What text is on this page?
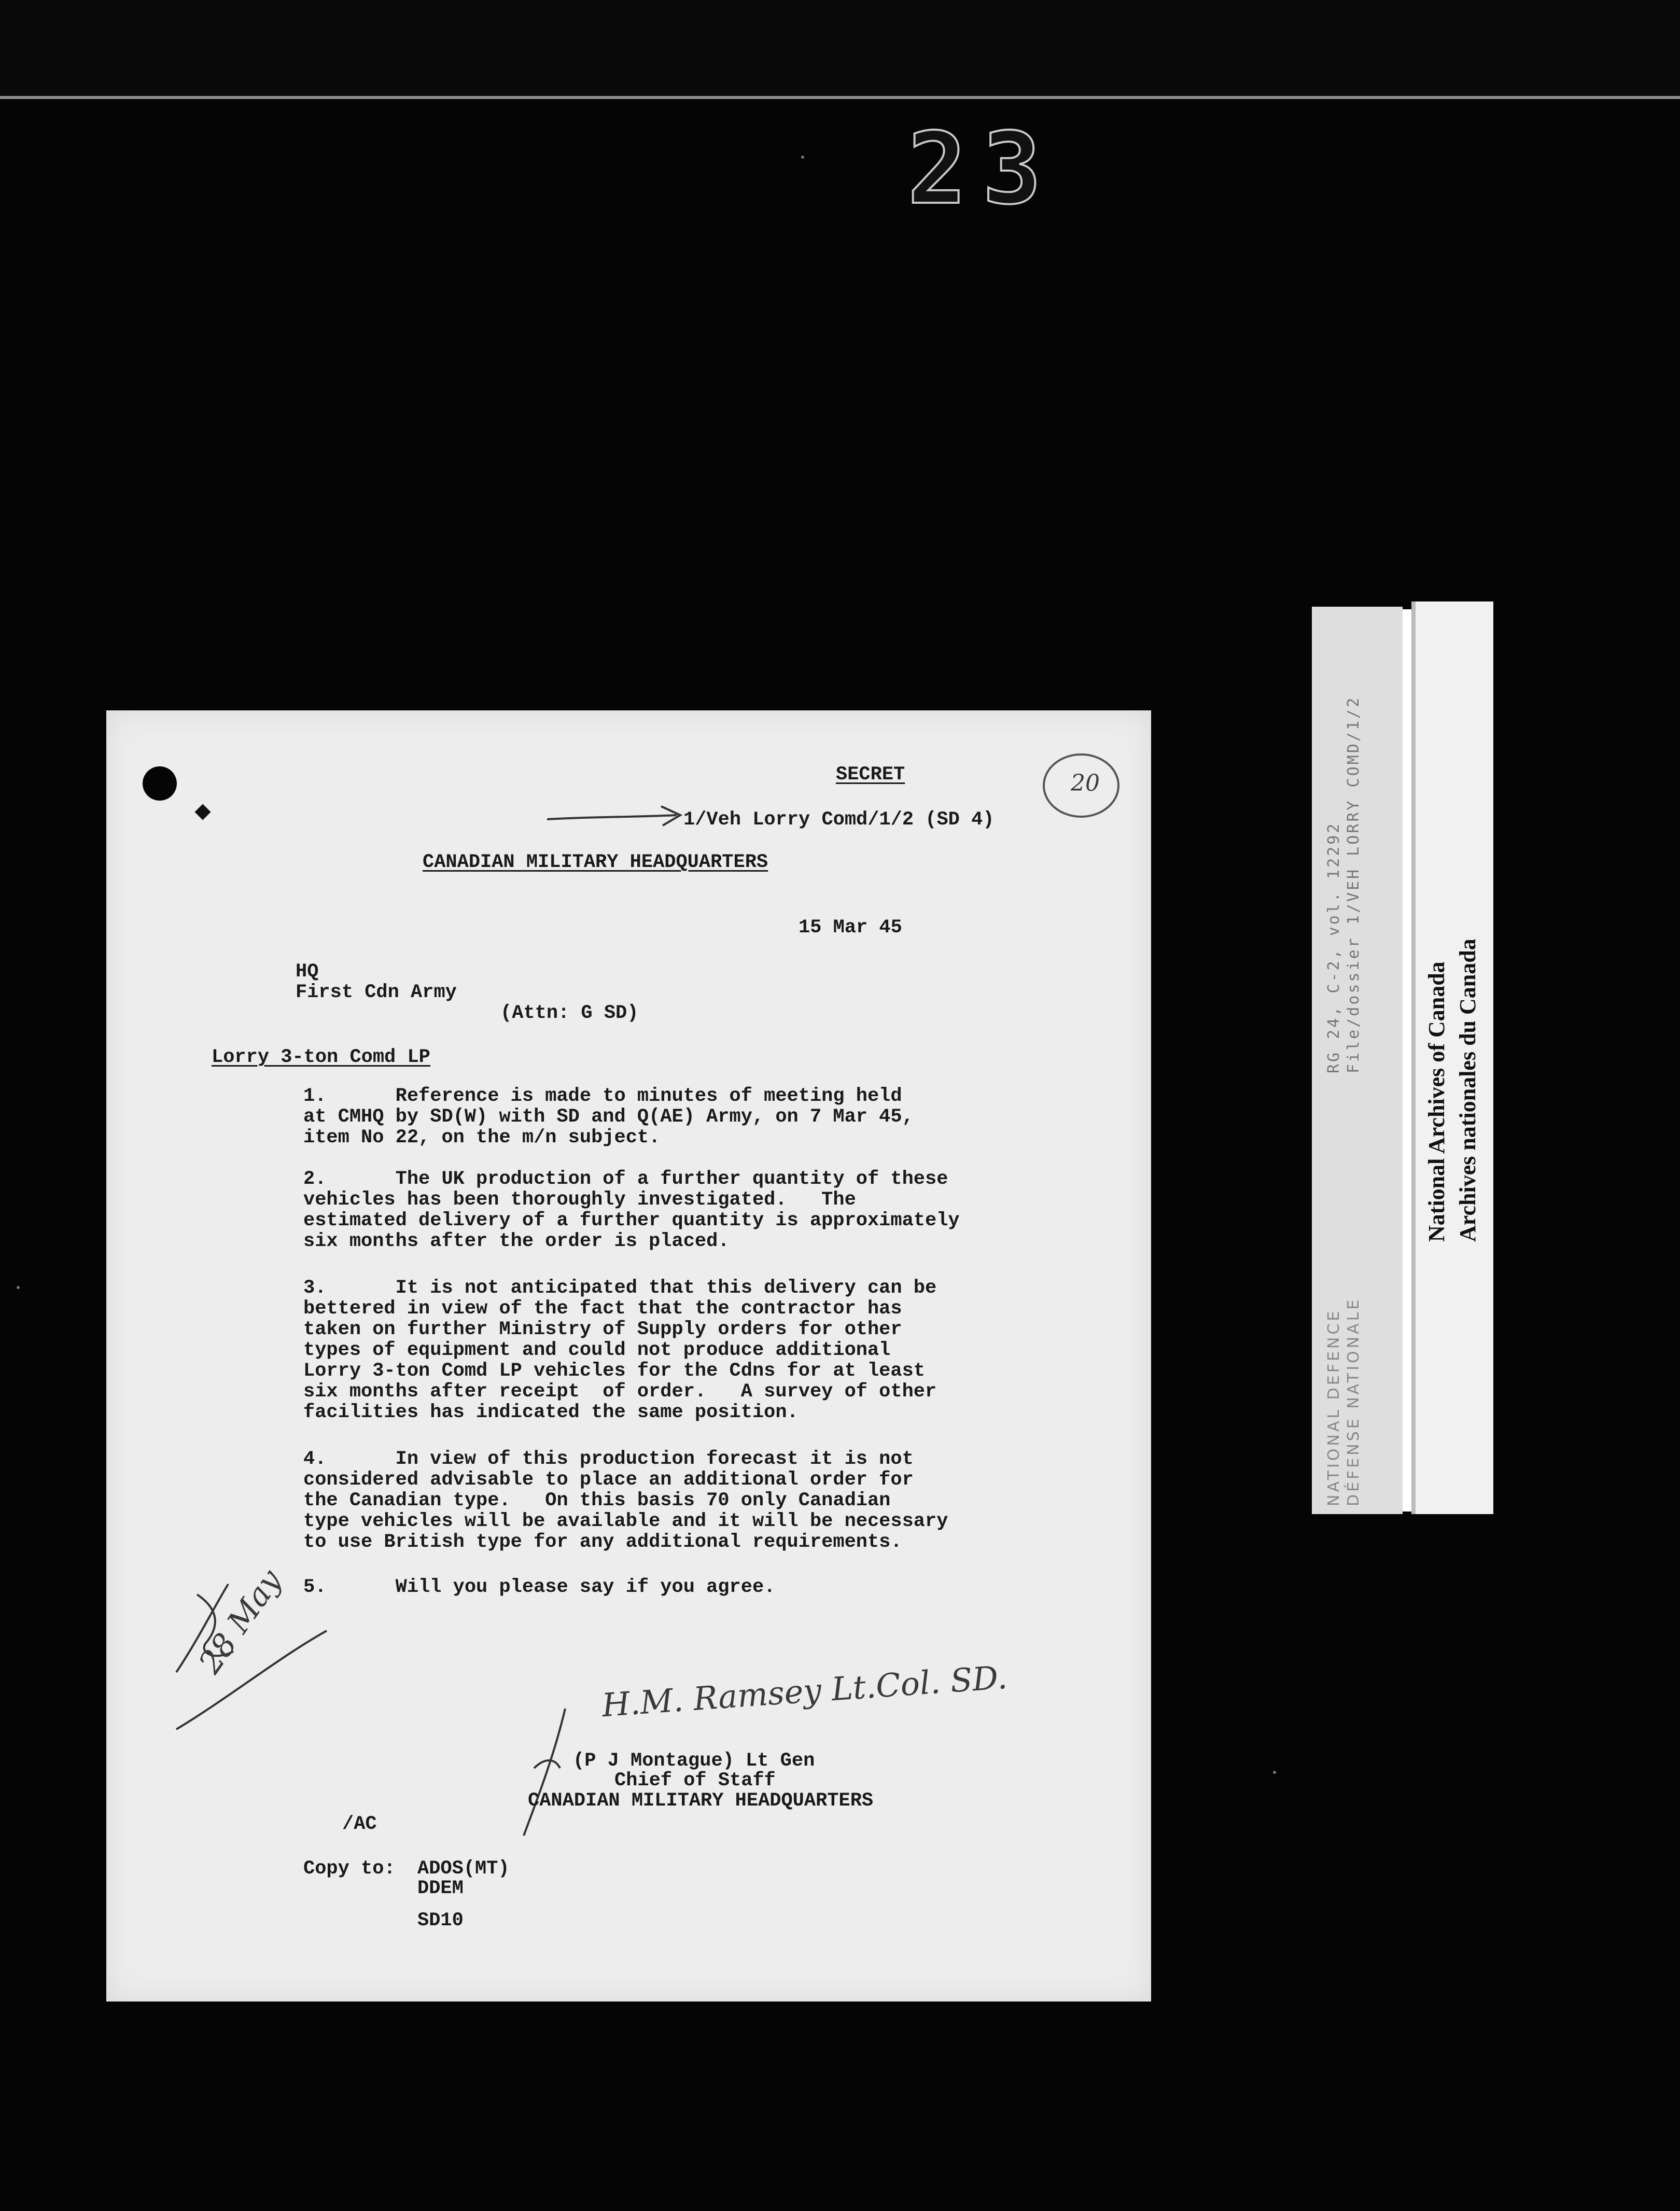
23
RG 24, C-2, vol. 12292 File/dossier 1/VEH LORRY COMD/1/2
NATIONAL DEFENCE DÉFENSE NATIONALE
National Archives of Canada Archives nationales du Canada
SECRET
1/Veh Lorry Comd/1/2 (SD 4)
20
CANADIAN MILITARY HEADQUARTERS
15 Mar 45
HQ
First Cdn Army
(Attn: G SD)
Lorry 3-ton Comd LP
1.      Reference is made to minutes of meeting held
at CMHQ by SD(W) with SD and Q(AE) Army, on 7 Mar 45,
item No 22, on the m/n subject.
2.      The UK production of a further quantity of these
vehicles has been thoroughly investigated.   The
estimated delivery of a further quantity is approximately
six months after the order is placed.
3.      It is not anticipated that this delivery can be
bettered in view of the fact that the contractor has
taken on further Ministry of Supply orders for other
types of equipment and could not produce additional
Lorry 3-ton Comd LP vehicles for the Cdns for at least
six months after receipt  of order.   A survey of other
facilities has indicated the same position.
4.      In view of this production forecast it is not
considered advisable to place an additional order for
the Canadian type.   On this basis 70 only Canadian
type vehicles will be available and it will be necessary
to use British type for any additional requirements.
5.      Will you please say if you agree.
28 May
H.M. Ramsey Lt.Col. SD.
(P J Montague) Lt Gen
Chief of Staff
CANADIAN MILITARY HEADQUARTERS
/AC
Copy to: ADOS(MT)
DDEM
SD10
